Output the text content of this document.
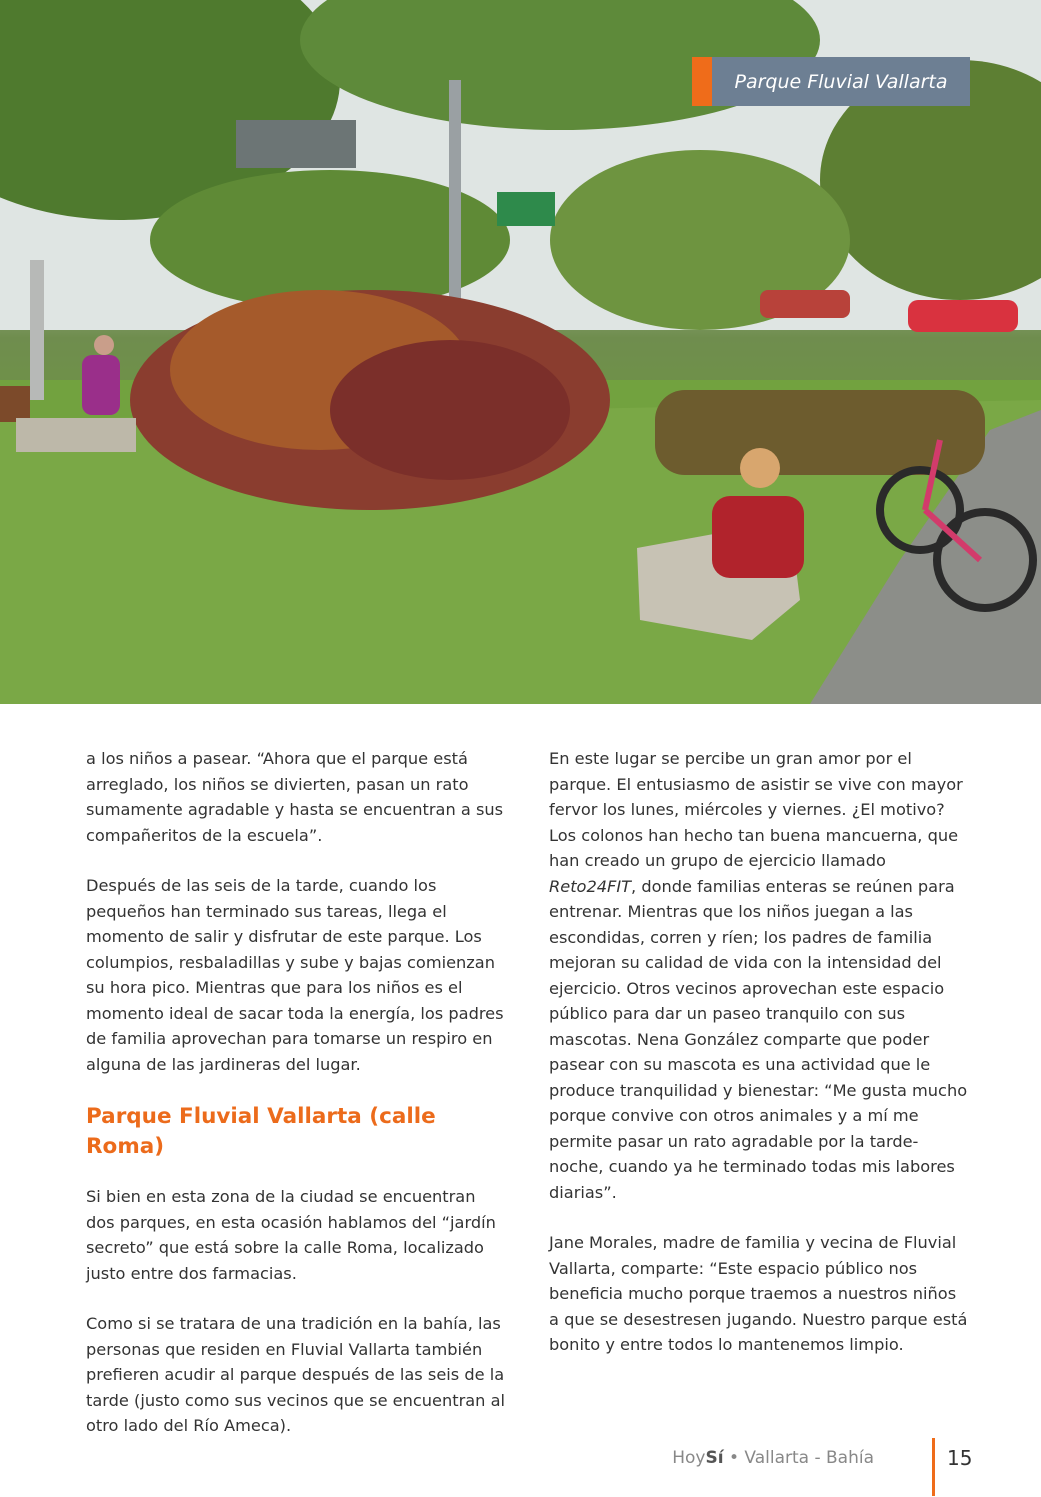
Parque Fluvial Vallarta

a los niños a pasear. “Ahora que el parque está arreglado, los niños se divierten, pasan un rato sumamente agradable y hasta se encuentran a sus compañeritos de la escuela”.

Después de las seis de la tarde, cuando los pequeños han terminado sus tareas, llega el momento de salir y disfrutar de este parque. Los columpios, resbaladillas y sube y bajas comienzan su hora pico. Mientras que para los niños es el momento ideal de sacar toda la energía, los padres de familia aprovechan para tomarse un respiro en alguna de las jardineras del lugar.

Parque Fluvial Vallarta (calle Roma)

Si bien en esta zona de la ciudad se encuentran dos parques, en esta ocasión hablamos del “jardín secreto” que está sobre la calle Roma, localizado justo entre dos farmacias.

Como si se tratara de una tradición en la bahía, las personas que residen en Fluvial Vallarta también prefieren acudir al parque después de las seis de la tarde (justo como sus vecinos que se encuentran al otro lado del Río Ameca).

En este lugar se percibe un gran amor por el parque. El entusiasmo de asistir se vive con mayor fervor los lunes, miércoles y viernes. ¿El motivo? Los colonos han hecho tan buena mancuerna, que han creado un grupo de ejercicio llamado Reto24FIT, donde familias enteras se reúnen para entrenar. Mientras que los niños juegan a las escondidas, corren y ríen; los padres de familia mejoran su calidad de vida con la intensidad del ejercicio. Otros vecinos aprovechan este espacio público para dar un paseo tranquilo con sus mascotas. Nena González comparte que poder pasear con su mascota es una actividad que le produce tranquilidad y bienestar: “Me gusta mucho porque convive con otros animales y a mí me permite pasar un rato agradable por la tarde-noche, cuando ya he terminado todas mis labores diarias”.

Jane Morales, madre de familia y vecina de Fluvial Vallarta, comparte: “Este espacio público nos beneficia mucho porque traemos a nuestros niños a que se desestresen jugando. Nuestro parque está bonito y entre todos lo mantenemos limpio.

HoySí • Vallarta - Bahía	15
